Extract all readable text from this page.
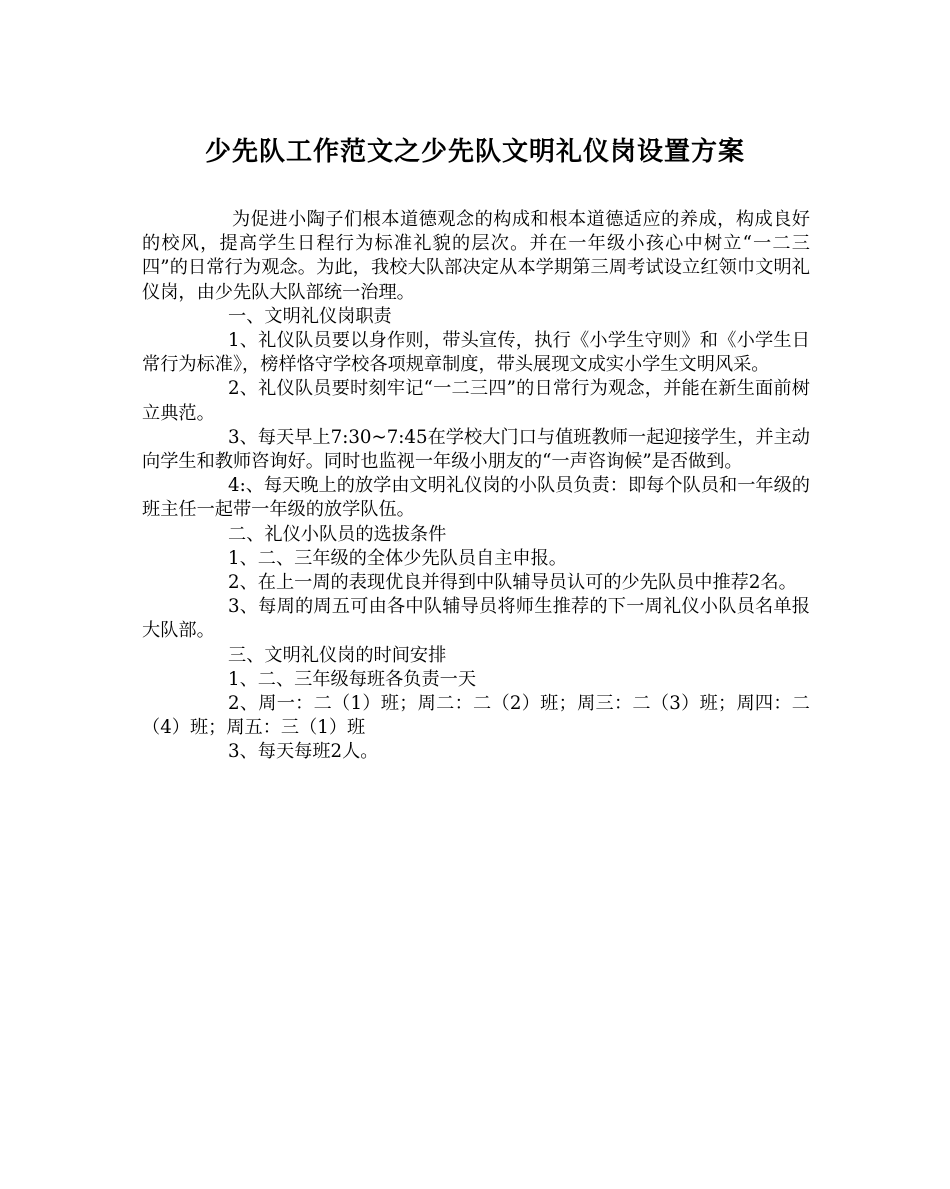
少先队工作范文之少先队文明礼仪岗设置方案

为促进小陶子们根本道德观念的构成和根本道德适应的养成，构成良好的校风，提高学生日程行为标准礼貌的层次。并在一年级小孩心中树立“一二三四”的日常行为观念。为此，我校大队部决定从本学期第三周考试设立红领巾文明礼仪岗，由少先队大队部统一治理。

一、文明礼仪岗职责

1、礼仪队员要以身作则，带头宣传，执行《小学生守则》和《小学生日常行为标准》，榜样恪守学校各项规章制度，带头展现文成实小学生文明风采。

2、礼仪队员要时刻牢记“一二三四”的日常行为观念，并能在新生面前树立典范。

3、每天早上7:30~7:45在学校大门口与值班教师一起迎接学生，并主动向学生和教师咨询好。同时也监视一年级小朋友的“一声咨询候”是否做到。

4:、每天晚上的放学由文明礼仪岗的小队员负责：即每个队员和一年级的班主任一起带一年级的放学队伍。

二、礼仪小队员的选拔条件

1、二、三年级的全体少先队员自主申报。

2、在上一周的表现优良并得到中队辅导员认可的少先队员中推荐2名。

3、每周的周五可由各中队辅导员将师生推荐的下一周礼仪小队员名单报大队部。

三、文明礼仪岗的时间安排

1、二、三年级每班各负责一天

2、周一：二（1）班；周二：二（2）班；周三：二（3）班；周四：二（4）班；周五：三（1）班

3、每天每班2人。
